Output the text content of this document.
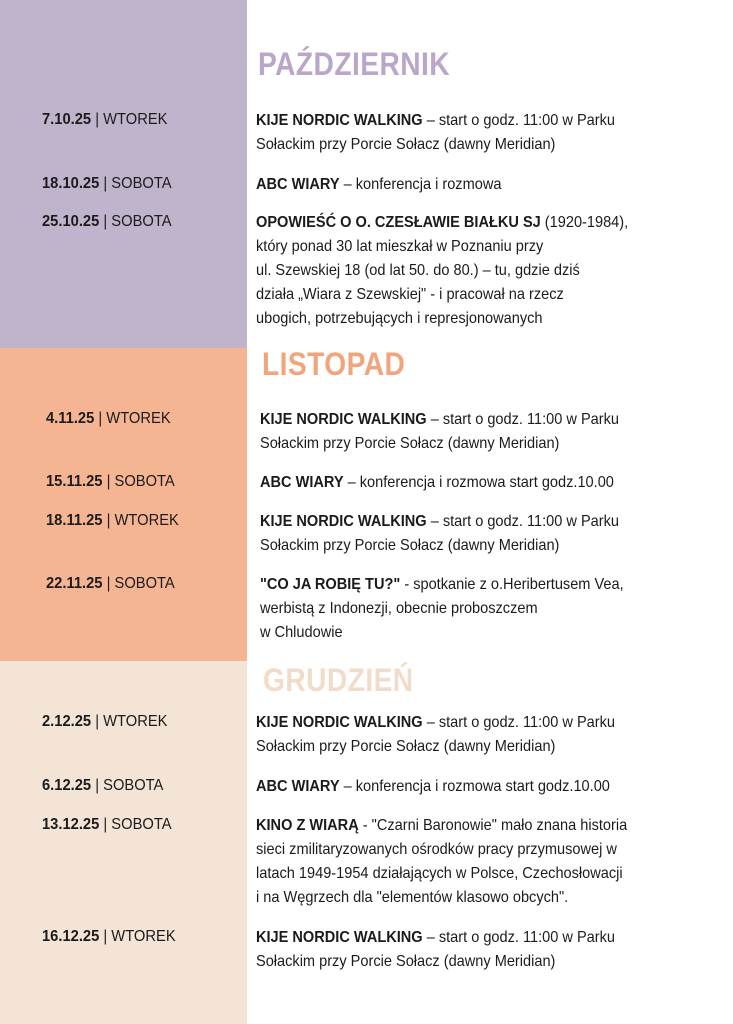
PAŹDZIERNIK
7.10.25 | WTOREK	KIJE NORDIC WALKING – start o godz. 11:00 w Parku
Sołackim przy Porcie Sołacz (dawny Meridian)
18.10.25 | SOBOTA	ABC WIARY – konferencja i rozmowa
25.10.25 | SOBOTA	OPOWIEŚĆ O O. CZESŁAWIE BIAŁKU SJ (1920-1984),
który ponad 30 lat mieszkał w Poznaniu przy
ul. Szewskiej 18 (od lat 50. do 80.) – tu, gdzie dziś
działa „Wiara z Szewskiej" - i pracował na rzecz
ubogich, potrzebujących i represjonowanych
LISTOPAD
4.11.25 | WTOREK	KIJE NORDIC WALKING – start o godz. 11:00 w Parku
Sołackim przy Porcie Sołacz (dawny Meridian)
15.11.25 | SOBOTA	ABC WIARY – konferencja i rozmowa start godz.10.00
18.11.25 | WTOREK	KIJE NORDIC WALKING – start o godz. 11:00 w Parku
Sołackim przy Porcie Sołacz (dawny Meridian)
22.11.25 | SOBOTA	"CO JA ROBIĘ TU?" - spotkanie z o.Heribertusem Vea,
werbistą z Indonezji, obecnie proboszczem
w Chludowie
GRUDZIEŃ
2.12.25 | WTOREK	KIJE NORDIC WALKING – start o godz. 11:00 w Parku
Sołackim przy Porcie Sołacz (dawny Meridian)
6.12.25 | SOBOTA	ABC WIARY – konferencja i rozmowa start godz.10.00
13.12.25 | SOBOTA	KINO Z WIARĄ - "Czarni Baronowie" mało znana historia
sieci zmilitaryzowanych ośrodków pracy przymusowej w
latach 1949-1954 działających w Polsce, Czechosłowacji
i na Węgrzech dla "elementów klasowo obcych".
16.12.25 | WTOREK	KIJE NORDIC WALKING – start o godz. 11:00 w Parku
Sołackim przy Porcie Sołacz (dawny Meridian)
